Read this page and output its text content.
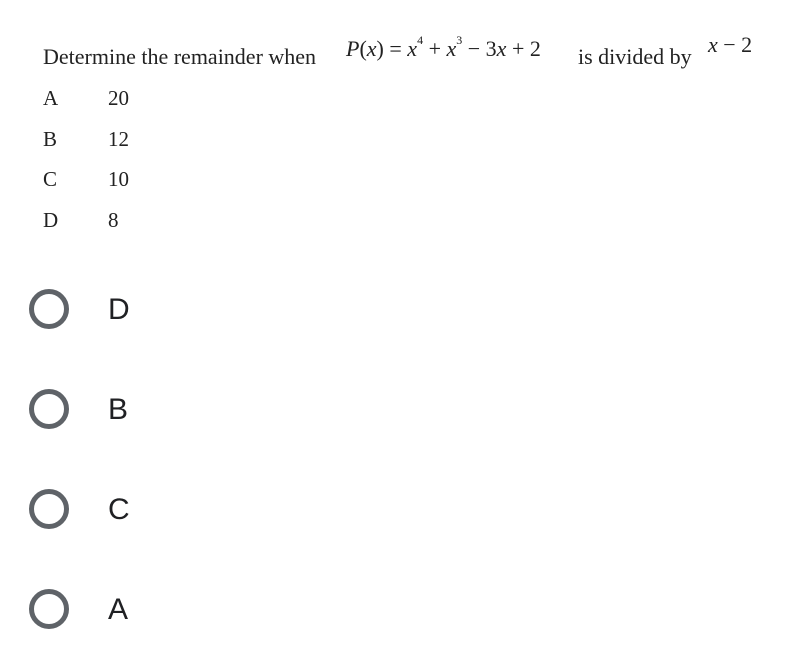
Determine the remainder when $P(x) = x^4 + x^3 - 3x + 2$ is divided by x − 2
A 20
B 12
C 10
D 8
D
B
C
A
